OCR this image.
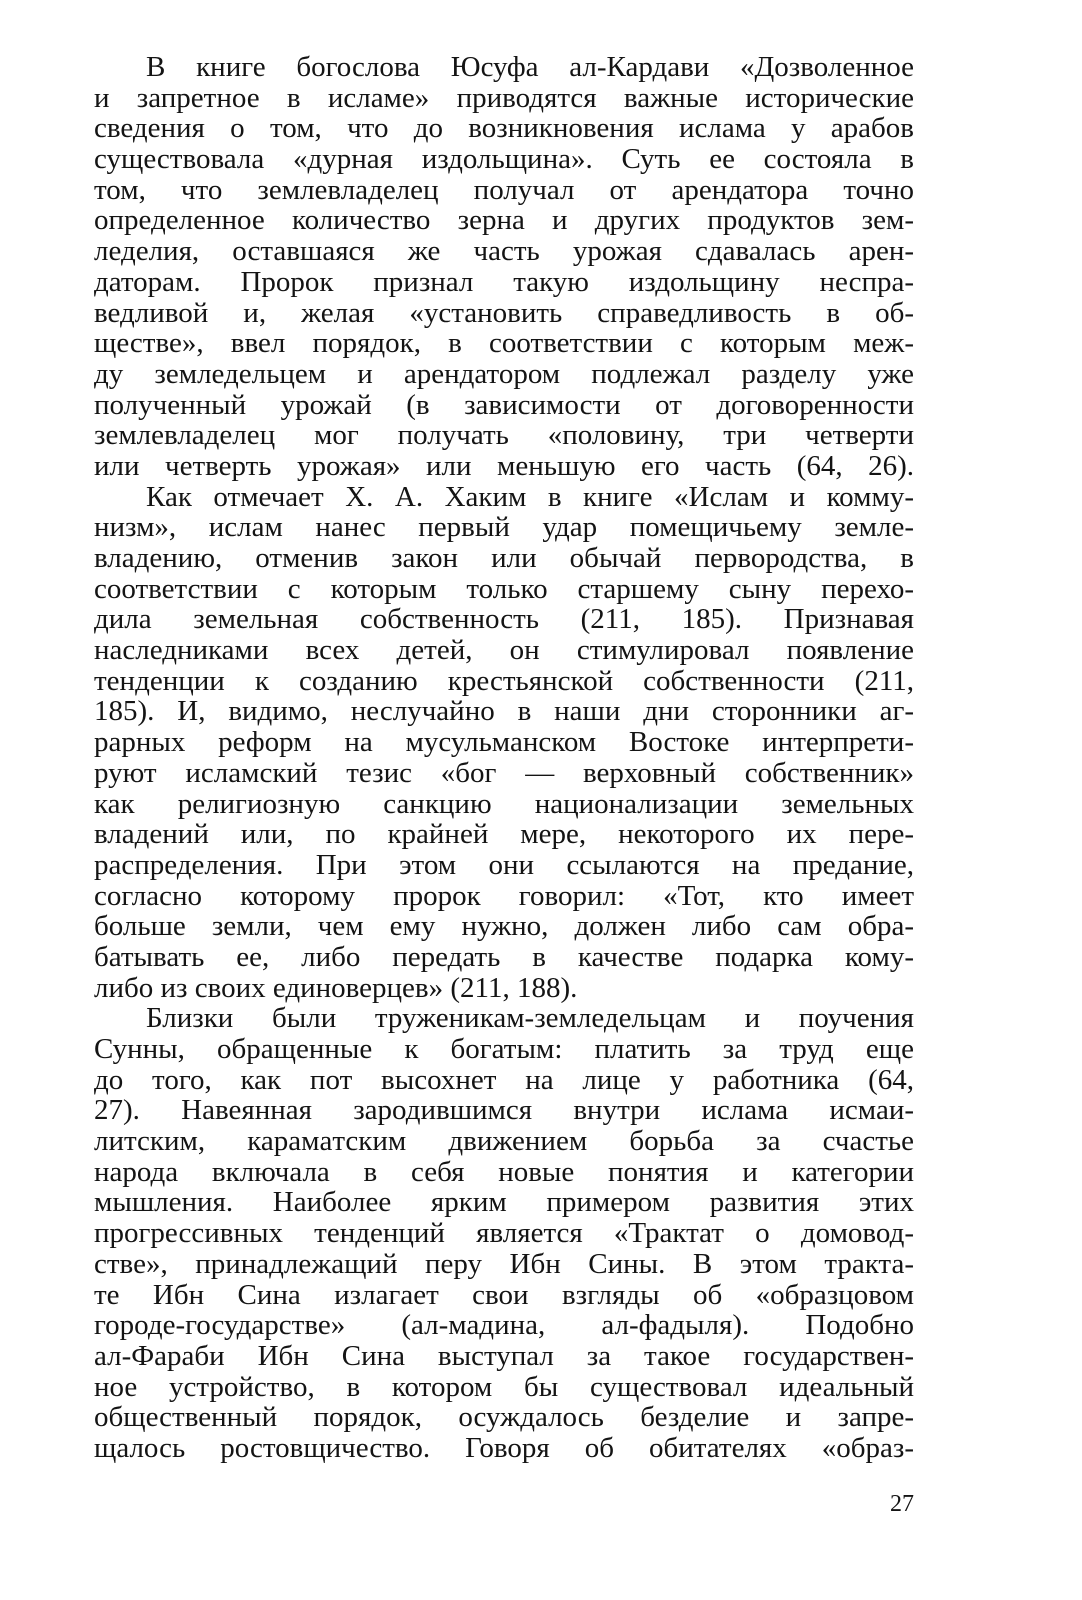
В книге богослова Юсуфа ал-Кардави «Дозволенное
и запретное в исламе» приводятся важные исторические
сведения о том, что до возникновения ислама у арабов
существовала «дурная издольщина». Суть ее состояла в
том, что землевладелец получал от арендатора точно
определенное количество зерна и других продуктов зем-
леделия, оставшаяся же часть урожая сдавалась арен-
даторам. Пророк признал такую издольщину неспра-
ведливой и, желая «установить справедливость в об-
ществе», ввел порядок, в соответствии с которым меж-
ду земледельцем и арендатором подлежал разделу уже
полученный урожай (в зависимости от договоренности
землевладелец мог получать «половину, три четверти
или четверть урожая» или меньшую его часть (64, 26).
Как отмечает Х. А. Хаким в книге «Ислам и комму-
низм», ислам нанес первый удар помещичьему земле-
владению, отменив закон или обычай первородства, в
соответствии с которым только старшему сыну перехо-
дила земельная собственность (211, 185). Признавая
наследниками всех детей, он стимулировал появление
тенденции к созданию крестьянской собственности (211,
185). И, видимо, неслучайно в наши дни сторонники аг-
рарных реформ на мусульманском Востоке интерпрети-
руют исламский тезис «бог — верховный собственник»
как религиозную санкцию национализации земельных
владений или, по крайней мере, некоторого их пере-
распределения. При этом они ссылаются на предание,
согласно которому пророк говорил: «Тот, кто имеет
больше земли, чем ему нужно, должен либо сам обра-
батывать ее, либо передать в качестве подарка кому-
либо из своих единоверцев» (211, 188).
Близки были труженикам-земледельцам и поучения
Сунны, обращенные к богатым: платить за труд еще
до того, как пот высохнет на лице у работника (64,
27). Навеянная зародившимся внутри ислама исмаи-
литским, карамaтским движением борьба за счастье
народа включала в себя новые понятия и категории
мышления. Наиболее ярким примером развития этих
прогрессивных тенденций является «Трактат о домовод-
стве», принадлежащий перу Ибн Сины. В этом тракта-
те Ибн Сина излагает свои взгляды об «образцовом
городе-государстве» (ал-мадина, ал-фадыля). Подобно
ал-Фараби Ибн Сина выступал за такое государствен-
ное устройство, в котором бы существовал идеальный
общественный порядок, осуждалось безделие и запре-
щалось ростовщичество. Говоря об обитателях «образ-
27
